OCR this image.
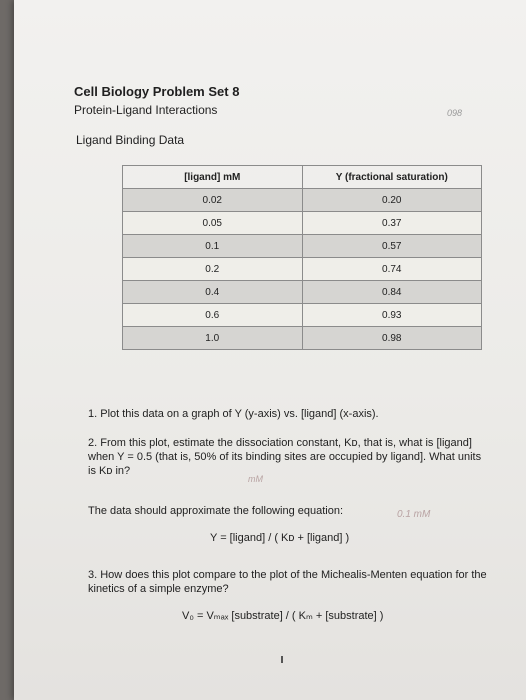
Cell Biology Problem Set 8
Protein-Ligand Interactions	098
Ligand Binding Data
[ligand] mM	Y (fractional saturation)
0.02	0.20
0.05	0.37
0.1	0.57
0.2	0.74
0.4	0.84
0.6	0.93
1.0	0.98
1. Plot this data on a graph of Y (y-axis) vs. [ligand] (x-axis).
2. From this plot, estimate the dissociation constant, Kᴅ, that is, what is [ligand] when Y = 0.5 (that is, 50% of its binding sites are occupied by ligand]. What units is Kᴅ in?
mM
The data should approximate the following equation:	0.1 mM
Y = [ligand] / ( Kᴅ + [ligand] )
3. How does this plot compare to the plot of the Michealis-Menten equation for the kinetics of a simple enzyme?
V₀ = Vₘₐₓ [substrate] / ( Kₘ + [substrate] )
